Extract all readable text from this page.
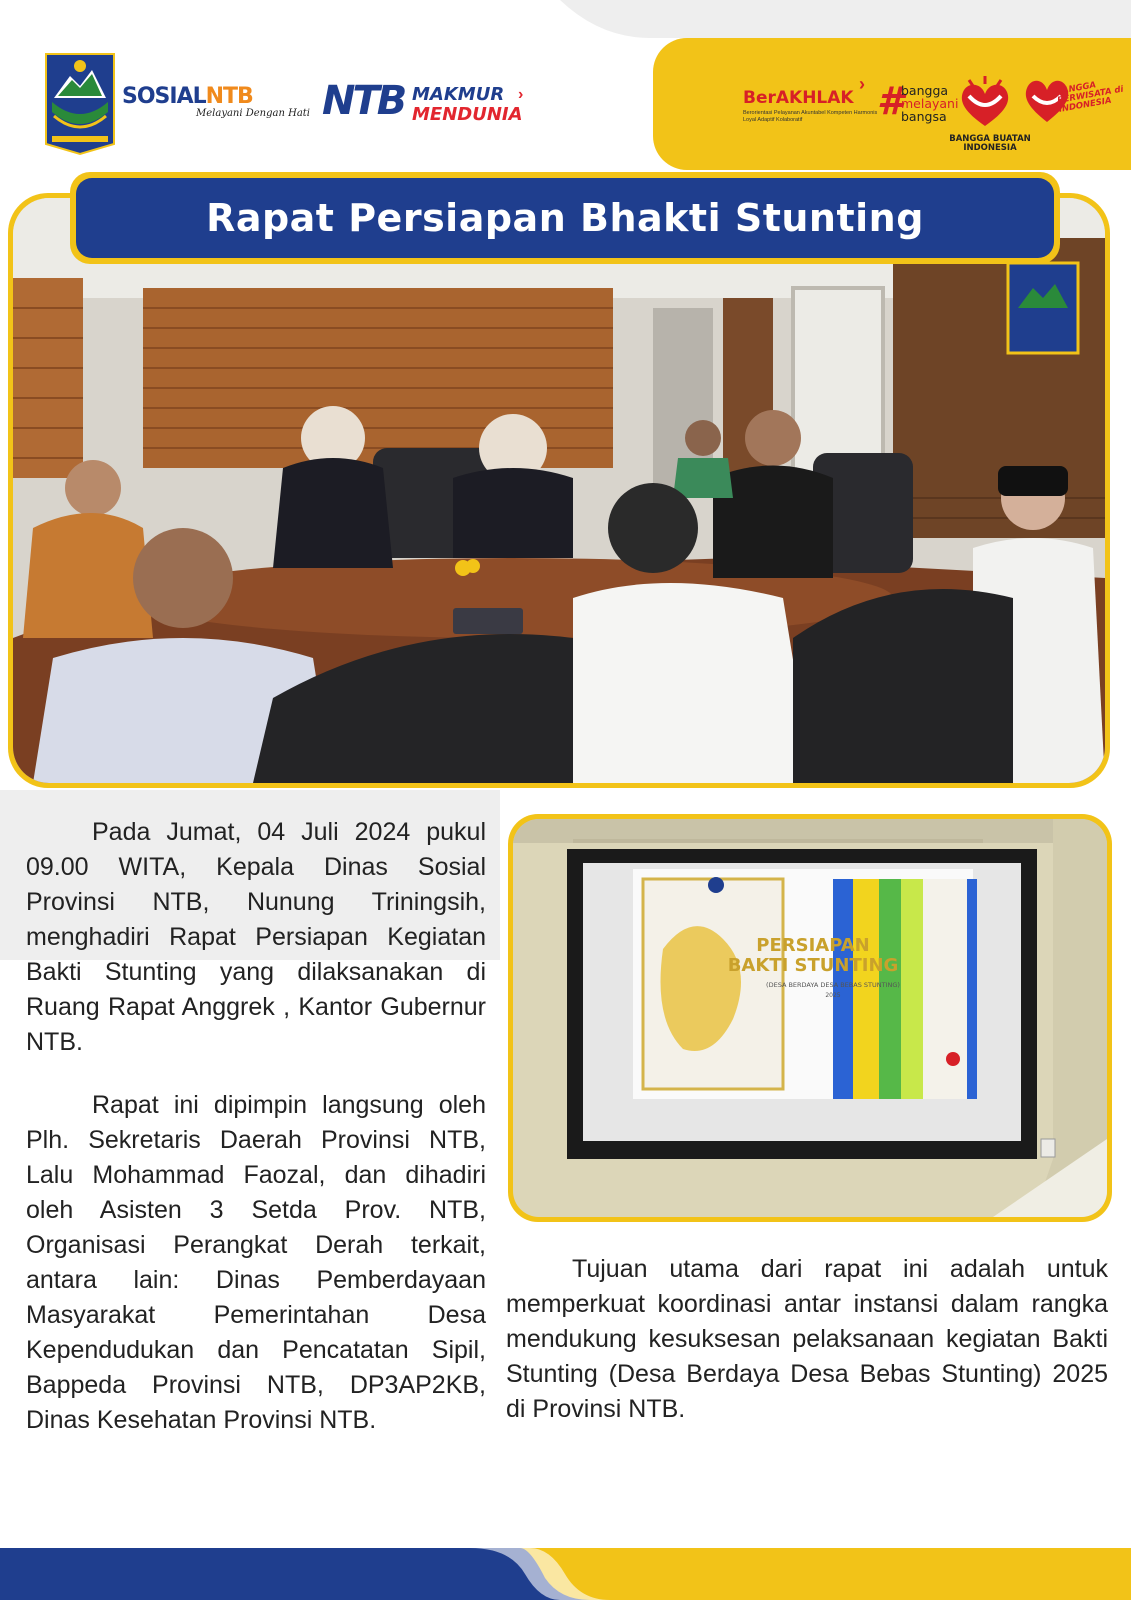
SOSIALNTB
Melayani Dengan Hati NTB MAKMUR
MENDUNIA
›	BerAKHLAK
›
Berorientasi Pelayanan Akuntabel Kompeten Harmonis Loyal Adaptif Kolaboratif	#
bangga
melayani
bangsa
BANGGA BUATAN INDONESIA
BANGGA BERWISATA di INDONESIA
Rapat Persiapan Bhakti Stunting

Pada Jumat, 04 Juli 2024 pukul 09.00 WITA, Kepala Dinas Sosial Provinsi NTB, Nunung Triningsih, menghadiri Rapat Persiapan Kegiatan Bakti Stunting yang dilaksanakan di Ruang Rapat Anggrek , Kantor Gubernur NTB.

Rapat ini dipimpin langsung oleh Plh. Sekretaris Daerah Provinsi NTB, Lalu Mohammad Faozal, dan dihadiri oleh Asisten 3 Setda Prov. NTB, Organisasi Perangkat Derah terkait, antara lain: Dinas Pemberdayaan Masyarakat Pemerintahan Desa Kependudukan dan Pencatatan Sipil, Bappeda Provinsi NTB, DP3AP2KB, Dinas Kesehatan Provinsi NTB.

Tujuan utama dari rapat ini adalah untuk memperkuat koordinasi antar instansi dalam rangka mendukung kesuksesan pelaksanaan kegiatan Bakti Stunting (Desa Berdaya Desa Bebas Stunting) 2025 di Provinsi NTB.

PERSIAPAN
BAKTI STUNTING
(DESA BERDAYA DESA BEBAS STUNTING)
2025
